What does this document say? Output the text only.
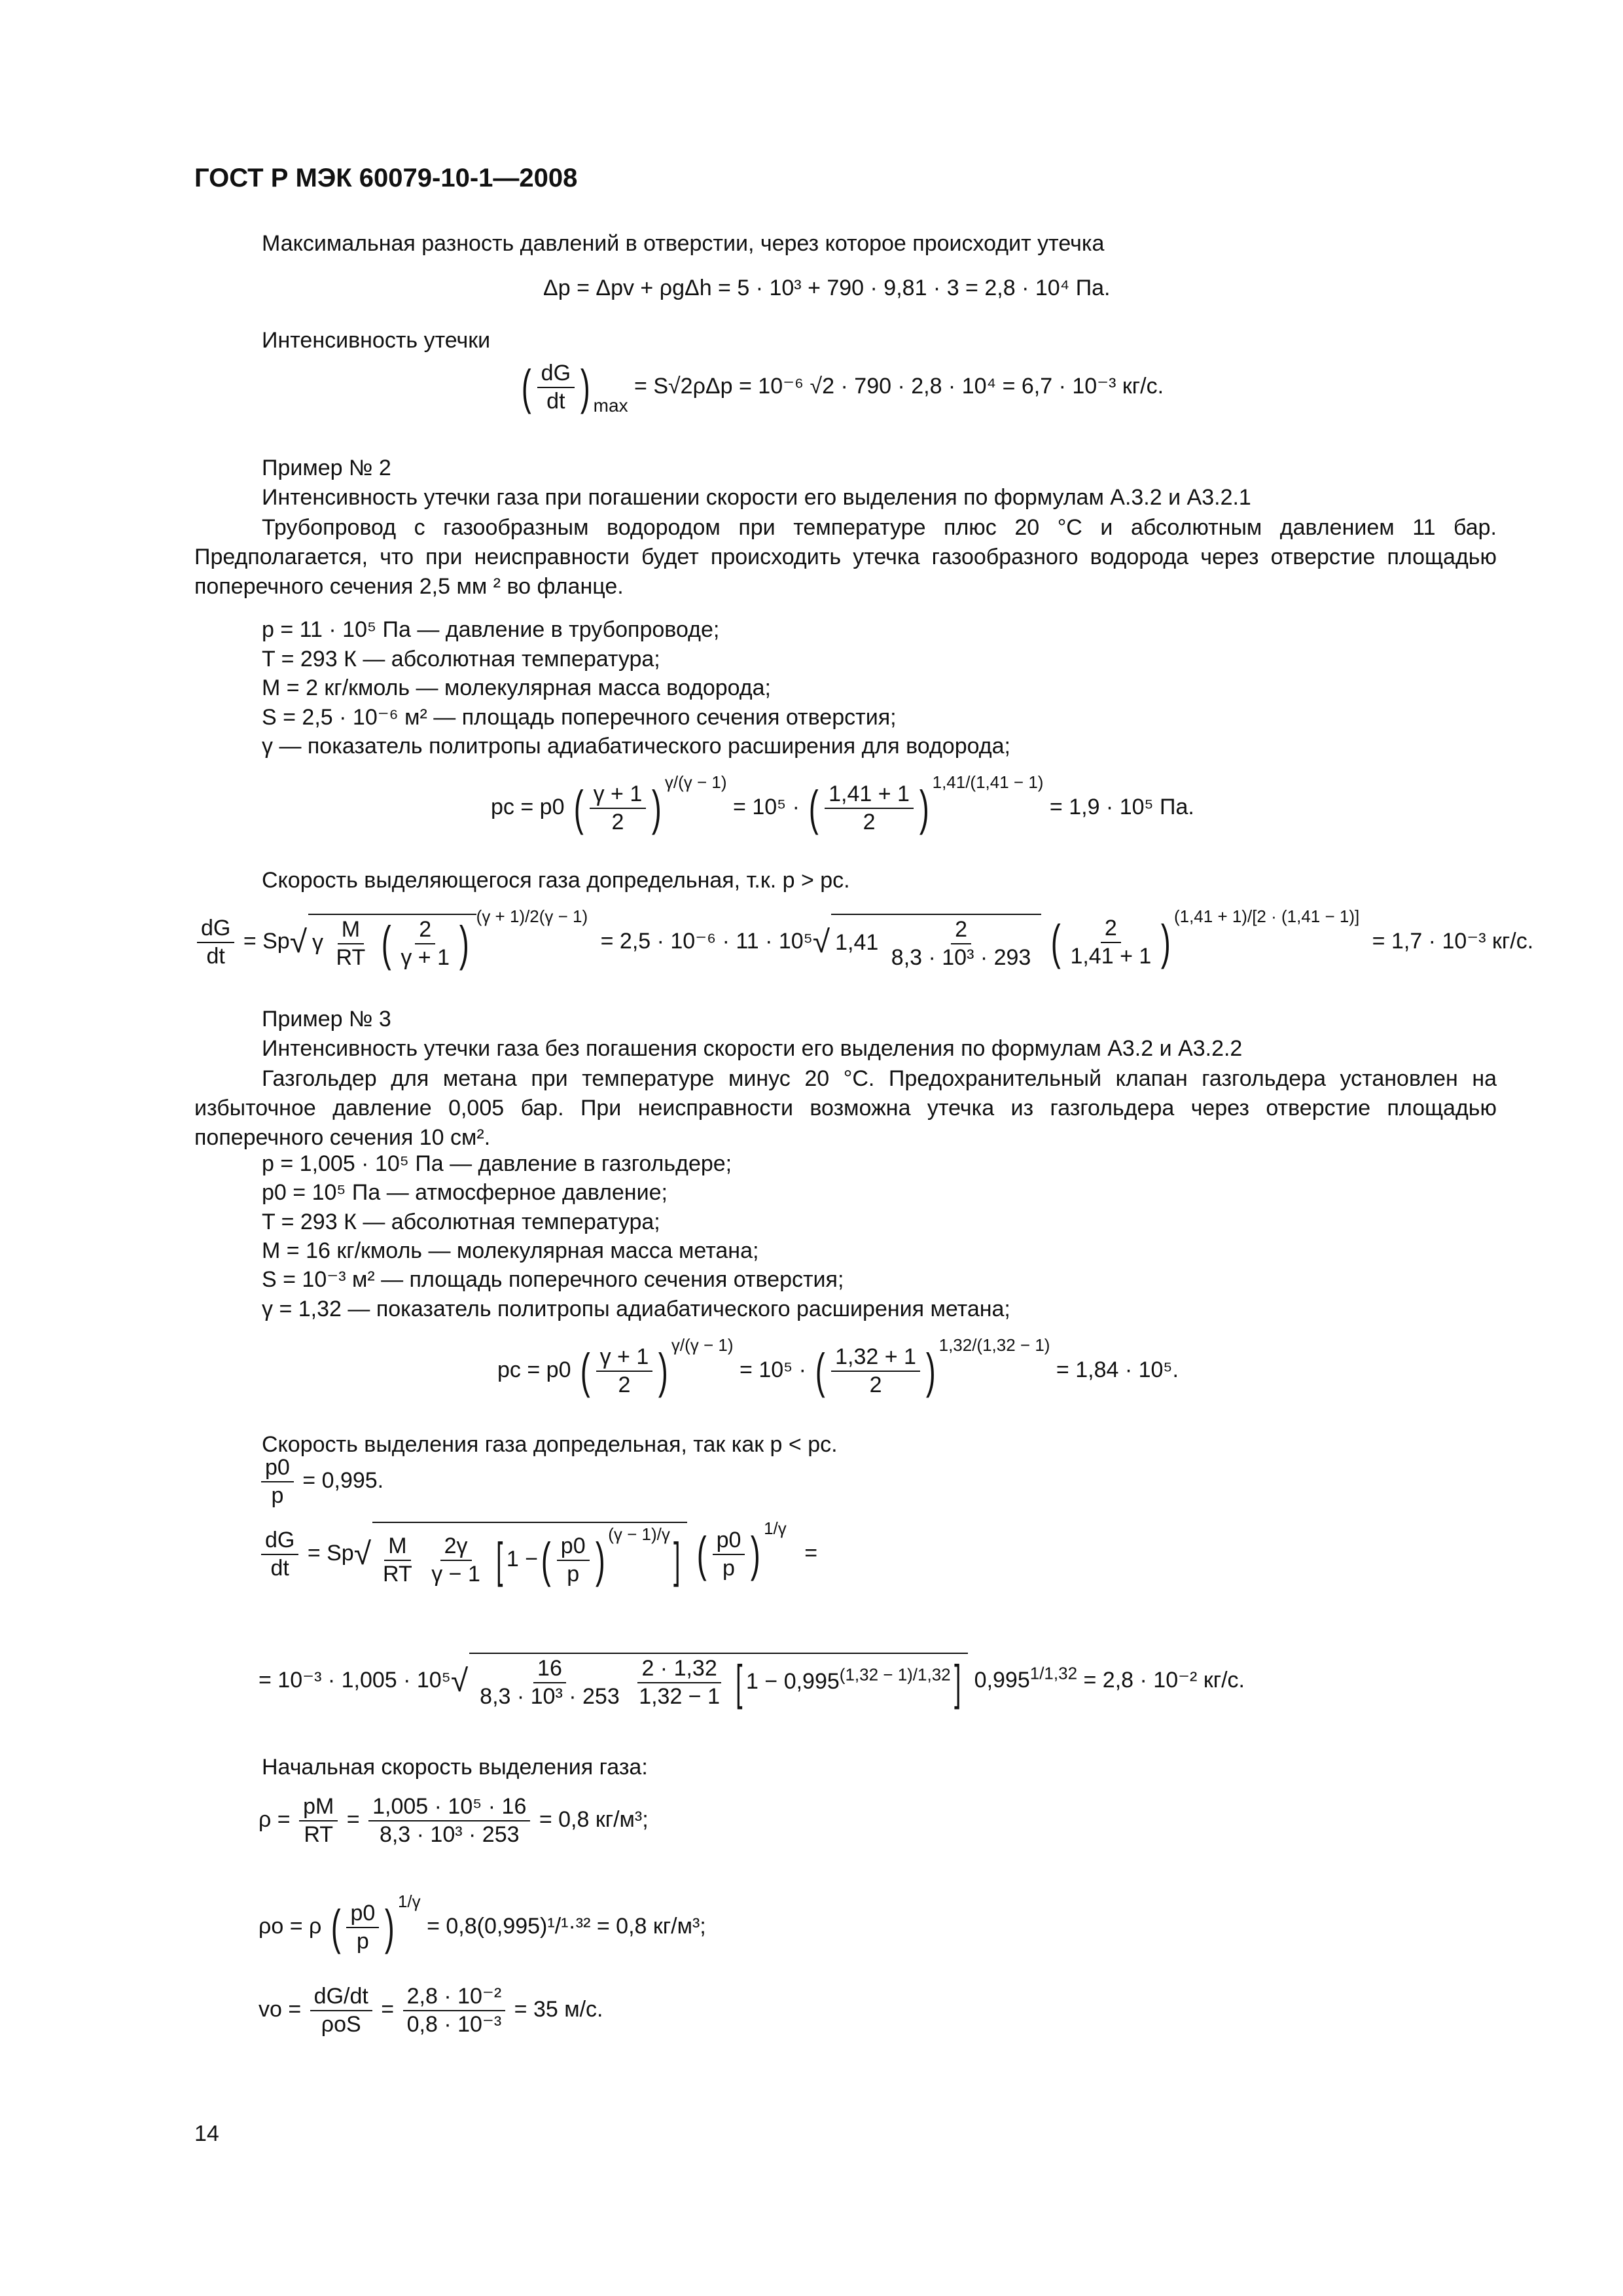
ГОСТ Р МЭК 60079-10-1—2008
Максимальная разность давлений в отверстии, через которое происходит утечка
Δp = Δpv + ρgΔh = 5 · 10³ + 790 · 9,81 · 3 = 2,8 · 10⁴ Па.
Интенсивность утечки
( $\frac{dG}{dt}$ ) $_{max}$ = S√2ρΔp = 10⁻⁶ √2 · 790 · 2,8 · 10⁴ = 6,7 · 10⁻³ кг/с.
Пример № 2
Интенсивность утечки газа при погашении скорости его выделения по формулам А.3.2 и А3.2.1
Трубопровод с газообразным водородом при температуре плюс 20 °С и абсолютным давлением 11 бар. Предполагается, что при неисправности будет происходить утечка газообразного водорода через отверстие площадью поперечного сечения 2,5 мм ² во фланце.
p = 11 · 10⁵ Па — давление в трубопроводе;
T = 293 К — абсолютная температура;
M = 2 кг/кмоль — молекулярная масса водорода;
S = 2,5 · 10⁻⁶ м² — площадь поперечного сечения отверстия;
γ — показатель политропы адиабатического расширения для водорода;
pc = p0 ( $\frac{\gamma + 1}{2}$ ) $^{\gamma/(\gamma - 1)}$ = 10⁵ · ( $\frac{1,41 + 1}{2}$ ) $^{1,41/(1,41 - 1)}$ = 1,9 · 10⁵ Па.
Скорость выделяющегося газа допредельная, т.к. p > pc.
$\frac{dG}{dt} = Sp√$ γ $\frac{M}{RT}$ ( $\frac{2}{\gamma + 1} )^{(\gamma + 1)/2(\gamma - 1)} = 2,5 \cdot 10^{-6} \cdot 11 \cdot 10^5√$ $1,41 \frac{2}{\text{8,3 · 10³ · 293}}$ ( $\frac{2}{1,41 + 1}$ ) $^{(1,41 + 1)/[2 \cdot (1,41 - 1)]}$ = 1,7 · 10⁻³ кг/с.
Пример № 3
Интенсивность утечки газа без погашения скорости его выделения по формулам А3.2 и А3.2.2
Газгольдер для метана при температуре минус 20 °С. Предохранительный клапан газгольдера установлен на избыточное давление 0,005 бар. При неисправности возможна утечка из газгольдера через отверстие площадью поперечного сечения 10 см².
p = 1,005 · 10⁵ Па — давление в газгольдере;
p0 = 10⁵ Па — атмосферное давление;
T = 293 К — абсолютная температура;
M = 16 кг/кмоль — молекулярная масса метана;
S = 10⁻³ м² — площадь поперечного сечения отверстия;
γ = 1,32 — показатель политропы адиабатического расширения метана;
pc = p0 ( $\frac{\gamma + 1}{2}$ ) $^{\gamma/(\gamma - 1)}$ = 10⁵ · ( $\frac{1,32 + 1}{2}$ ) $^{1,32/(1,32 - 1)}$ = 1,84 · 10⁵.
Скорость выделения газа допредельная, так как p < pc.
$\frac{p0}{p} = 0,995$.
$\frac{dG}{dt} = Sp√ \frac{M}{RT}$
$\frac{2\gamma}{\gamma - 1}$ [ 1 −( $\frac{p0}{p}$ ) $^{(\gamma - 1)/\gamma}$] ( $\frac{p0}{p}$ ) $^{1/\gamma}$ =
= $10^{-3} \cdot 1,005 \cdot 10^5√ \frac{16}{\text{8,3 · 10³ · 253}}$
$\frac{2 \cdot 1,32}{1,32 - 1}$ [ $1 - 0,995^{(1,32 - 1)/1,32}$] $0,995^{1/1,32} = 2,8 \cdot 10^{-2}$ кг/с.
Начальная скорость выделения газа:
$\rho = \frac{pM}{RT} = \frac{\text{1,005 · 10⁵ · 16}}{\text{8,3 · 10³ · 253}} = 0,8$ кг/м³;
ρo = ρ ( $\frac{p0}{p}$ ) $^{1/\gamma}$ = 0,8(0,995)¹/¹·³² = 0,8 кг/м³;
vo =
dG/dt
ρoS
= $\frac{\text{2,8 · 10⁻²}}{\text{0,8 · 10⁻³}} = 35$ м/с.
14
